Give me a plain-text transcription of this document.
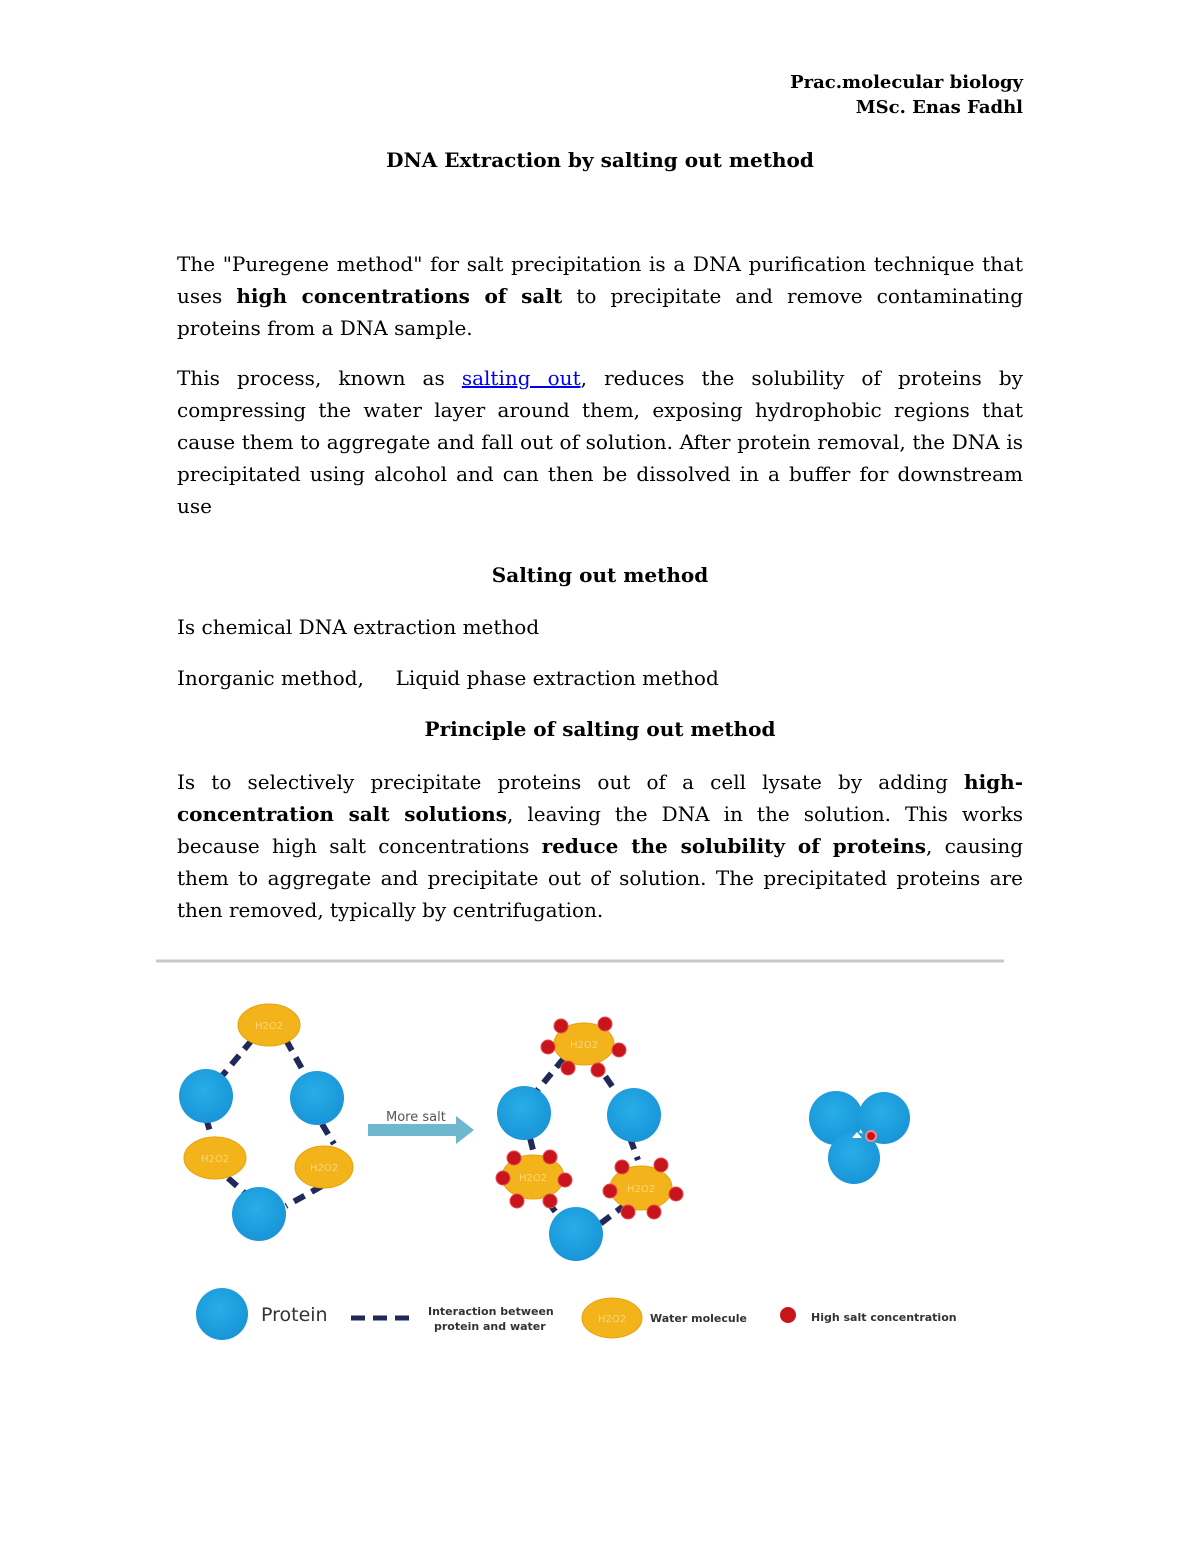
Prac.molecular biology
MSc. Enas Fadhl
DNA Extraction by salting out method
The "Puregene method" for salt precipitation is a DNA purification technique that uses high concentrations of salt to precipitate and remove contaminating proteins from a DNA sample.
This process, known as salting out, reduces the solubility of proteins by compressing the water layer around them, exposing hydrophobic regions that cause them to aggregate and fall out of solution. After protein removal, the DNA is precipitated using alcohol and can then be dissolved in a buffer for downstream use
Salting out method
Is chemical DNA extraction method
Inorganic method,     Liquid phase extraction method
Principle of salting out method
Is to selectively precipitate proteins out of a cell lysate by adding high-concentration salt solutions, leaving the DNA in the solution. This works because high salt concentrations reduce the solubility of proteins, causing them to aggregate and precipitate out of solution. The precipitated proteins are then removed, typically by centrifugation.
H2O2
H2O2
H2O2
More salt
H2O2
H2O2
H2O2
Protein	Interaction between
protein and water
H2O2 Water molecule	High salt concentration
